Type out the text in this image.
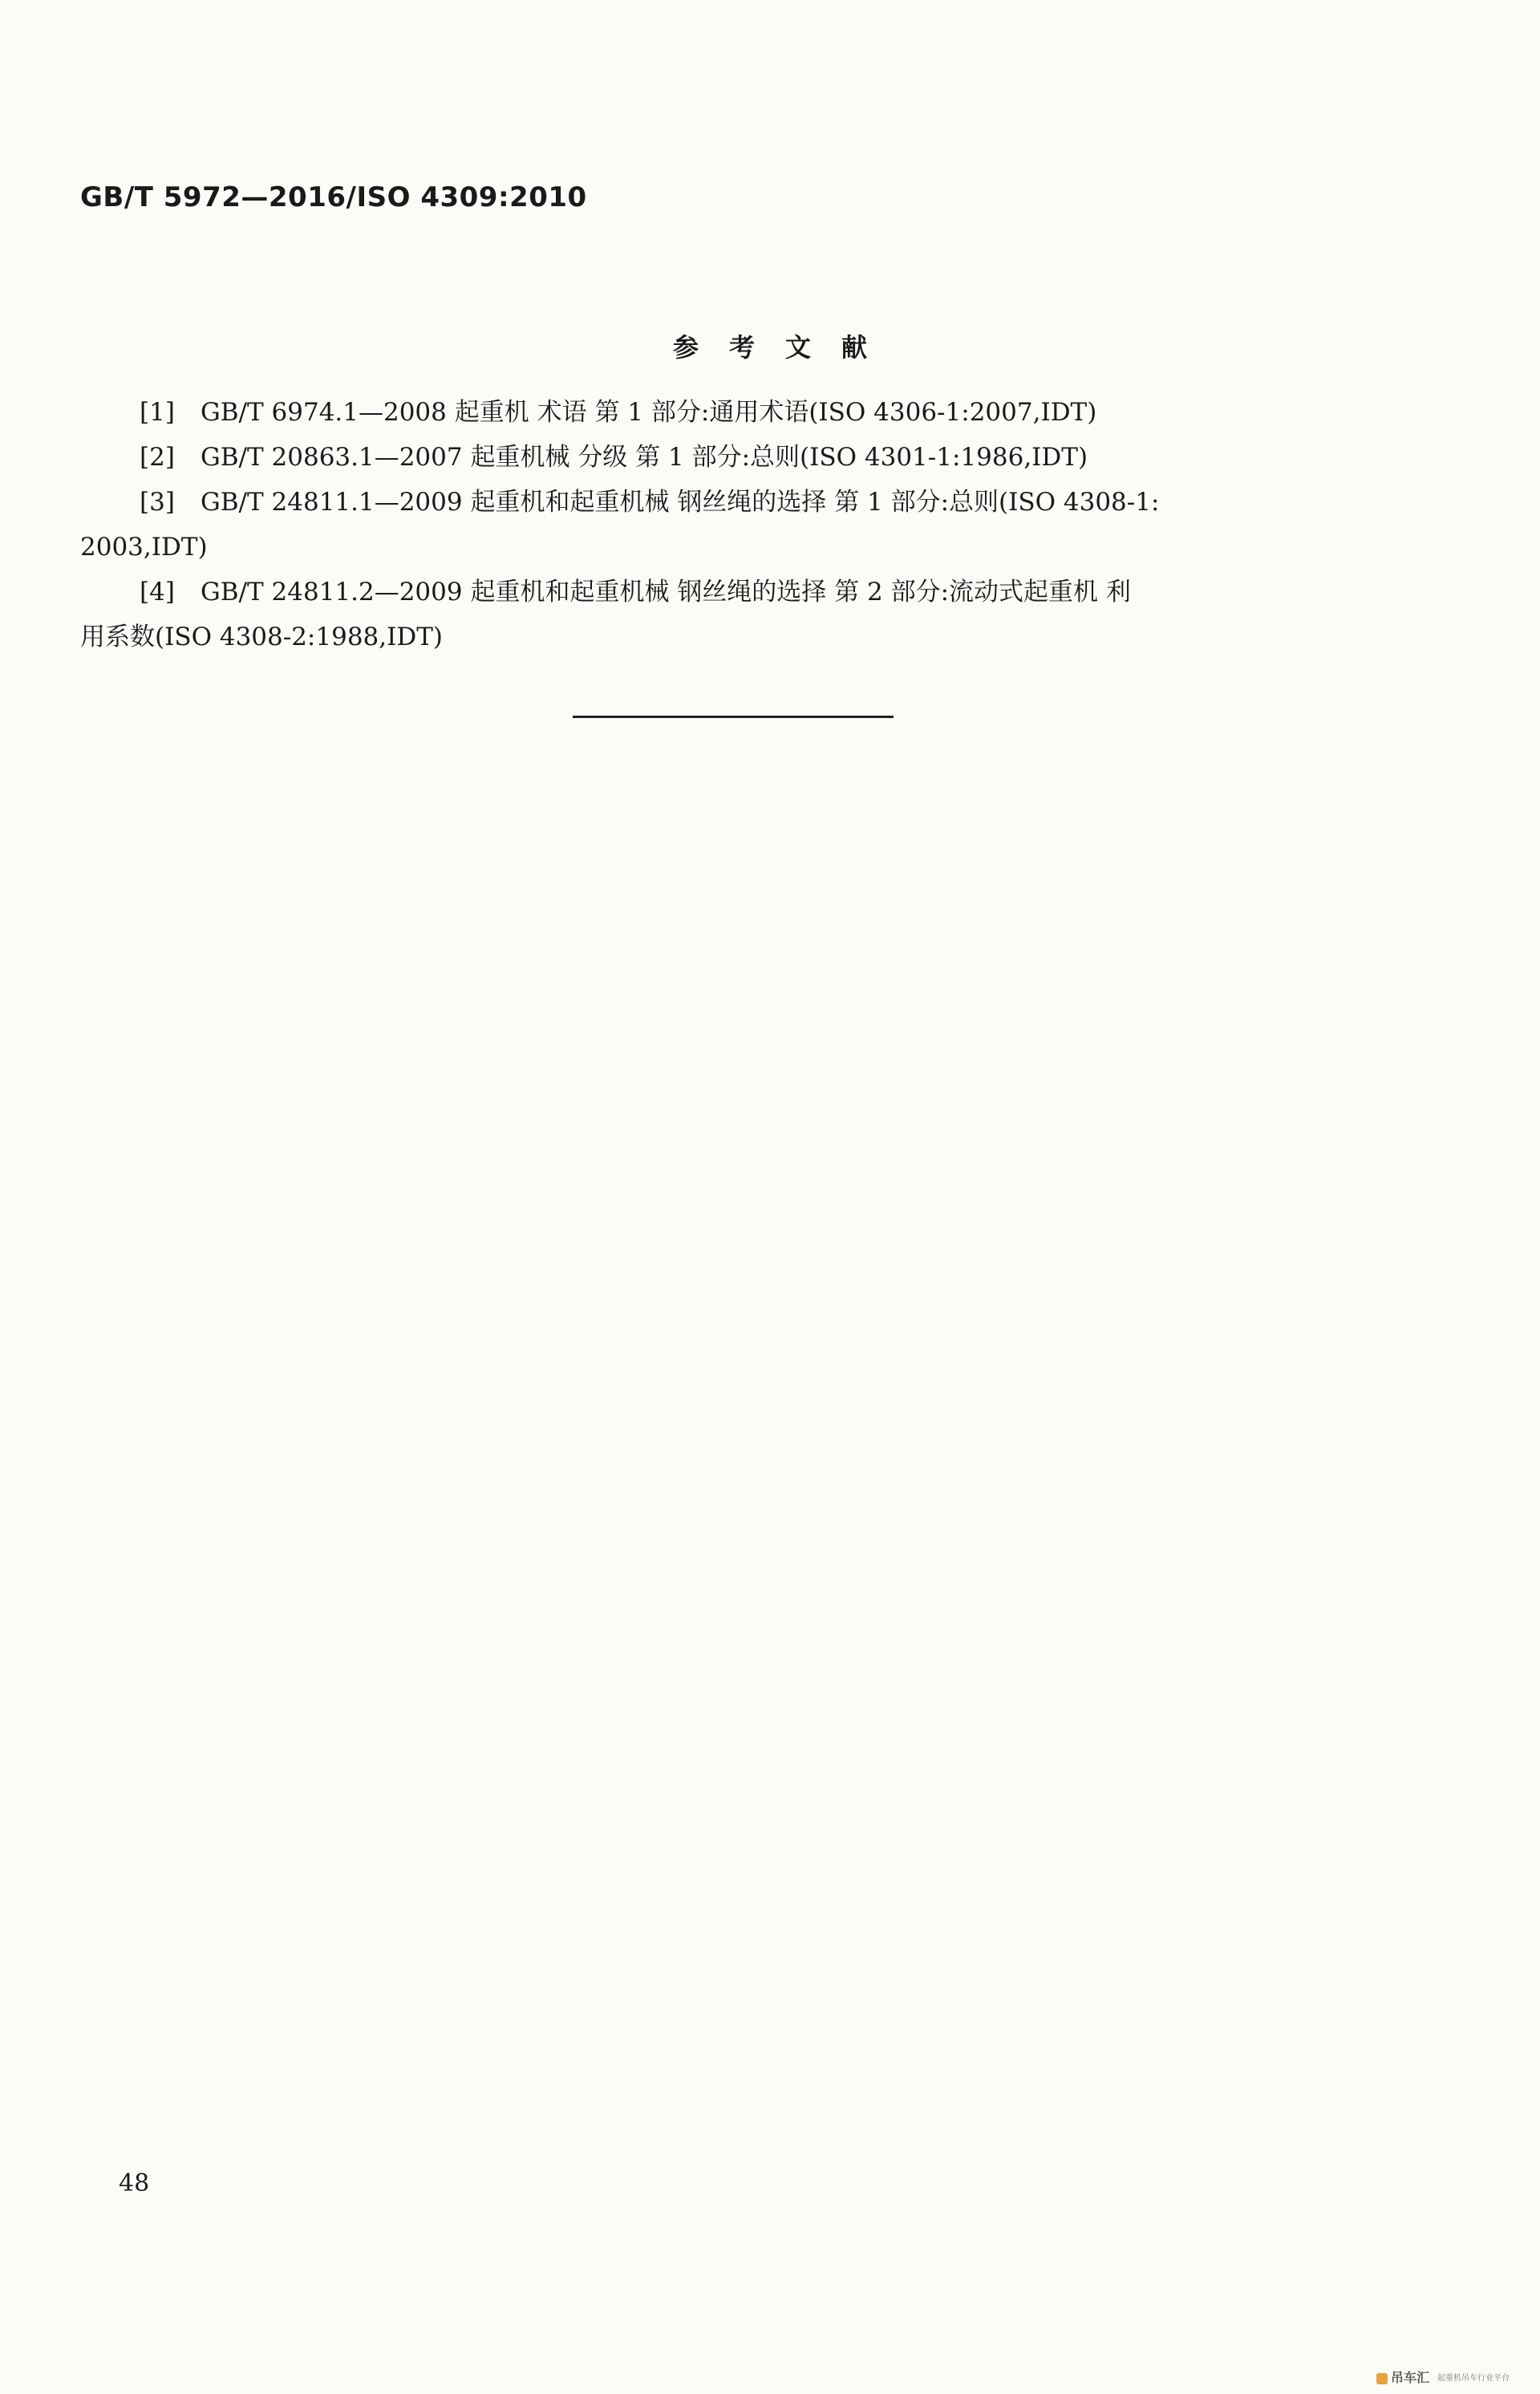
GB/T 5972—2016/ISO 4309:2010
参考文献

[1] GB/T 6974.1—2008 起重机 术语 第 1 部分:通用术语(ISO 4306-1:2007,IDT)

[2] GB/T 20863.1—2007 起重机械 分级 第 1 部分:总则(ISO 4301-1:1986,IDT)

[3] GB/T 24811.1—2009 起重机和起重机械 钢丝绳的选择 第 1 部分:总则(ISO 4308-1:
2003,IDT)

[4] GB/T 24811.2—2009 起重机和起重机械 钢丝绳的选择 第 2 部分:流动式起重机 利
用系数(ISO 4308-2:1988,IDT)

48
吊车汇 起重机吊车行业平台
